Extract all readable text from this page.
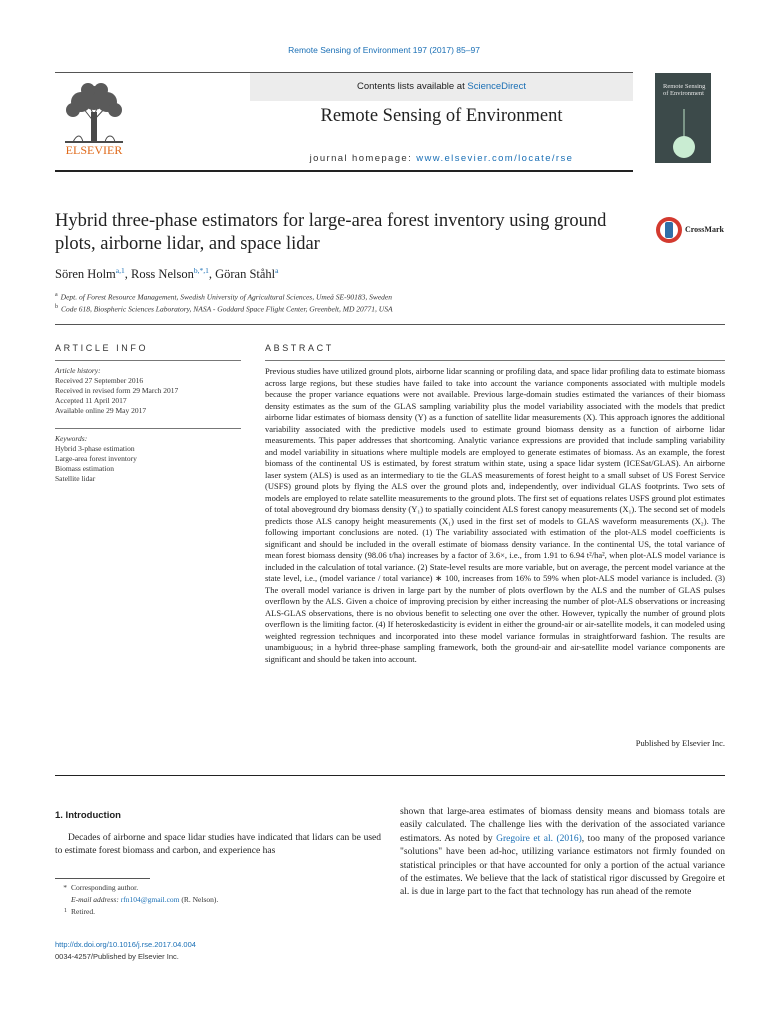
Remote Sensing of Environment 197 (2017) 85–97
ELSEVIER
Contents lists available at ScienceDirect
Remote Sensing of Environment
journal homepage: www.elsevier.com/locate/rse
Remote Sensing of Environment
Hybrid three-phase estimators for large-area forest inventory using ground plots, airborne lidar, and space lidar
CrossMark
Sören Holm$^{a,1}$, Ross Nelson$^{b,*,1}$, Göran Ståhl$^a$
$^a$ Dept. of Forest Resource Management, Swedish University of Agricultural Sciences, Umeå SE-90183, Sweden
$^b$ Code 618, Biospheric Sciences Laboratory, NASA - Goddard Space Flight Center, Greenbelt, MD 20771, USA
ARTICLE INFO
Article history:
Received 27 September 2016
Received in revised form 29 March 2017
Accepted 11 April 2017
Available online 29 May 2017
Keywords:
Hybrid 3-phase estimation
Large-area forest inventory
Biomass estimation
Satellite lidar
ABSTRACT
Previous studies have utilized ground plots, airborne lidar scanning or profiling data, and space lidar profiling data to estimate biomass across large regions, but these studies have failed to take into account the variance components associated with multiple models because the proper variance equations were not available. Previous large-domain studies estimated the variances of their biomass density estimates as the sum of the GLAS sampling variability plus the model variability associated with the models that predict airborne lidar estimates of biomass density (Y) as a function of satellite lidar measurements (X). This approach ignores the additional variability associated with the predictive models used to estimate ground biomass density as a function of airborne lidar measurements. This paper addresses that shortcoming. Analytic variance expressions are provided that include sampling variability and model variability in situations where multiple models are employed to generate estimates of biomass. As an example, the forest biomass of the continental US is estimated, by forest stratum within state, using a space lidar system (ICESat/GLAS). An airborne laser system (ALS) is used as an intermediary to tie the GLAS measurements of forest height to a small subset of US Forest Service (USFS) ground plots by flying the ALS over the ground plots and, independently, over individual GLAS footprints. Two sets of models are employed to relate satellite measurements to the ground plots. The first set of equations relates USFS ground plot estimates of total aboveground dry biomass density (Y₁) to spatially coincident ALS forest canopy measurements (X₁). The second set of models predicts those ALS canopy height measurements (X₁) used in the first set of models to GLAS waveform measurements (X₂). The following important conclusions are noted. (1) The variability associated with estimation of the plot-ALS model coefficients is significant and should be included in the overall estimate of biomass density variance. In the continental US, the total variance of mean forest biomass density (98.06 t/ha) increases by a factor of 3.6×, i.e., from 1.91 to 6.94 t²/ha², when plot-ALS model variance is included in the calculation of total variance. (2) State-level results are more variable, but on average, the percent model variance at the state level, i.e., (model variance / total variance) ∗ 100, increases from 16% to 59% when plot-ALS model variance is included. (3) The overall model variance is driven in large part by the number of plots overflown by the ALS and the number of GLAS pulses overflown by the ALS. Given a choice of improving precision by either increasing the number of plot-ALS observations or increasing ALS-GLAS observations, there is no obvious benefit to selecting one over the other. However, typically the number of ground plots overflown is the limiting factor. (4) If heteroskedasticity is evident in either the ground-air or air-satellite models, it can modeled using weighted regression techniques and incorporated into these model variance formulas in straightforward fashion. The results are unambiguous; in a hybrid three-phase sampling framework, both the ground-air and air-satellite model variance components are significant and should be taken into account.
Published by Elsevier Inc.
1. Introduction
Decades of airborne and space lidar studies have indicated that lidars can be used to estimate forest biomass and carbon, and experience has
shown that large-area estimates of biomass density means and biomass totals are easily calculated. The challenge lies with the derivation of the associated variance estimators. As noted by Gregoire et al. (2016), too many of the proposed variance "solutions" have been ad-hoc, utilizing variance estimators not firmly founded on statistical principles or that have accounted for only a portion of the actual variance of the estimates. We believe that the lack of statistical rigor discussed by Gregoire et al. is due in large part to the fact that technology has run ahead of the remote
* Corresponding author.
E-mail address: rfn104@gmail.com (R. Nelson).
1 Retired.
http://dx.doi.org/10.1016/j.rse.2017.04.004
0034-4257/Published by Elsevier Inc.
